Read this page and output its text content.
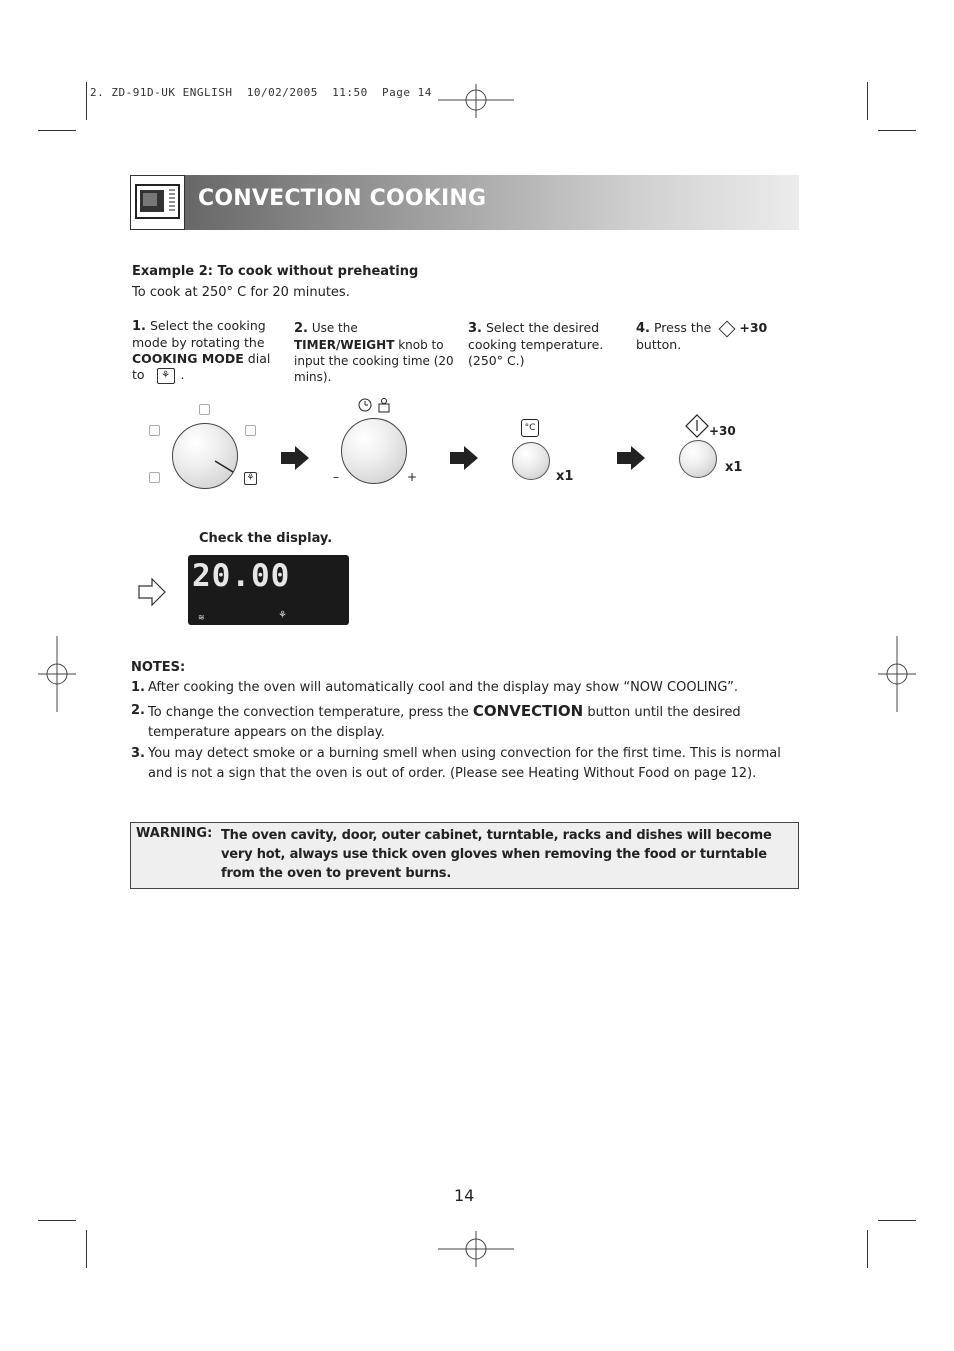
2. ZD-91D-UK ENGLISH  10/02/2005  11:50  Page 14
CONVECTION COOKING
Example 2: To cook without preheating
To cook at 250° C for 20 minutes.
1. Select the cooking mode by rotating the COOKING MODE dial to ⚘ .
2. Use the TIMER/WEIGHT knob to input the cooking time (20 mins).
3. Select the desired cooking temperature. (250° C.)
4. Press the +30
button.
⚘	–	+
°C
x1
+30
x1
Check the display.
20.00
≋	⚘
NOTES:
1. After cooking the oven will automatically cool and the display may show “NOW COOLING”.
2. To change the convection temperature, press the CONVECTION button until the desired temperature appears on the display.
3. You may detect smoke or a burning smell when using convection for the first time. This is normal and is not a sign that the oven is out of order. (Please see Heating Without Food on page 12).
WARNING: The oven cavity, door, outer cabinet, turntable, racks and dishes will become very hot, always use thick oven gloves when removing the food or turntable from the oven to prevent burns.
14
